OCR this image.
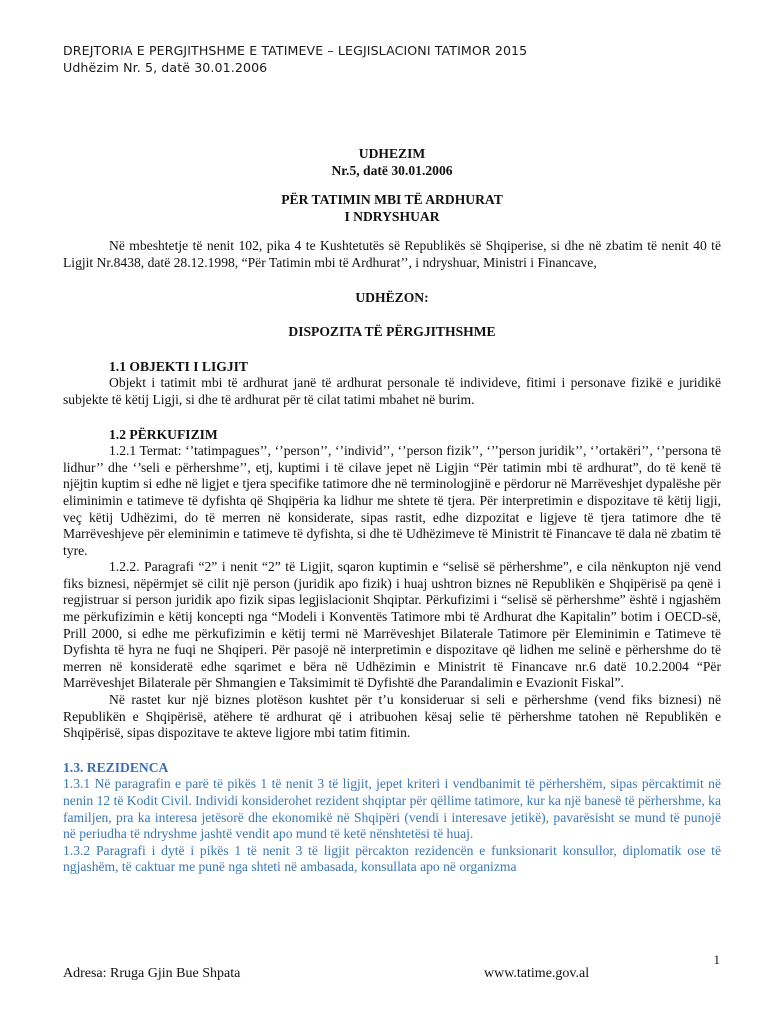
DREJTORIA E PERGJITHSHME E TATIMEVE – LEGJISLACIONI TATIMOR 2015
Udhëzim Nr. 5, datë 30.01.2006
UDHEZIM
Nr.5, datë 30.01.2006
PËR TATIMIN MBI TË ARDHURAT
I NDRYSHUAR

Në mbeshtetje të nenit 102, pika 4 te Kushtetutës së Republikës së Shqiperise, si dhe në zbatim të nenit 40 të Ligjit Nr.8438, datë 28.12.1998, “Për Tatimin mbi të Ardhurat’’, i ndryshuar, Ministri i Financave,

UDHËZON:
DISPOZITA TË PËRGJITHSHME
1.1 OBJEKTI I LIGJIT

Objekt i tatimit mbi të ardhurat janë të ardhurat personale të individeve, fitimi i personave fizikë e juridikë subjekte të këtij Ligji, si dhe të ardhurat për të cilat tatimi mbahet në burim.

1.2 PËRKUFIZIM

1.2.1 Termat: ‘’tatimpagues’’, ‘’person’’, ‘’individ’’, ‘’person fizik’’, ‘’’person juridik’’, ‘’ortakëri’’, ‘’persona të lidhur’’ dhe ‘’seli e përhershme’’, etj, kuptimi i të cilave jepet në Ligjin “Për tatimin mbi të ardhurat”, do të kenë të njëjtin kuptim si edhe në ligjet e tjera specifike tatimore dhe në terminologjinë e përdorur në Marrëveshjet dypalëshe për eliminimin e tatimeve të dyfishta që Shqipëria ka lidhur me shtete të tjera. Për interpretimin e dispozitave të këtij ligji, veç këtij Udhëzimi, do të merren në konsiderate, sipas rastit, edhe dizpozitat e ligjeve të tjera tatimore dhe të Marrëveshjeve për eleminimin e tatimeve të dyfishta, si dhe të Udhëzimeve të Ministrit të Financave të dala në zbatim të tyre.

1.2.2. Paragrafi “2” i nenit “2” të Ligjit, sqaron kuptimin e “selisë së përhershme”, e cila nënkupton një vend fiks biznesi, nëpërmjet së cilit një person (juridik apo fizik) i huaj ushtron biznes në Republikën e Shqipërisë pa qenë i regjistruar si person juridik apo fizik sipas legjislacionit Shqiptar. Përkufizimi i “selisë së përhershme” është i ngjashëm me përkufizimin e këtij koncepti nga “Modeli i Konventës Tatimore mbi të Ardhurat dhe Kapitalin” botim i OECD-së, Prill 2000, si edhe me përkufizimin e këtij termi në Marrëveshjet Bilaterale Tatimore për Eleminimin e Tatimeve të Dyfishta të hyra ne fuqi ne Shqiperi. Për pasojë në interpretimin e dispozitave që lidhen me selinë e përhershme do të merren në konsideratë edhe sqarimet e bëra në Udhëzimin e Ministrit të Financave nr.6 datë 10.2.2004 “Për Marrëveshjet Bilaterale për Shmangien e Taksimimit të Dyfishtë dhe Parandalimin e Evazionit Fiskal”.

Në rastet kur një biznes plotëson kushtet për t’u konsideruar si seli e përhershme (vend fiks biznesi) në Republikën e Shqipërisë, atëhere të ardhurat që i atribuohen kësaj selie të përhershme tatohen në Republikën e Shqipërisë, sipas dispozitave te akteve ligjore mbi tatim fitimin.

1.3. REZIDENCA

1.3.1 Në paragrafin e parë të pikës 1 të nenit 3 të ligjit, jepet kriteri i vendbanimit të përhershëm, sipas përcaktimit në nenin 12 të Kodit Civil. Individi konsiderohet rezident shqiptar për qëllime tatimore, kur ka një banesë të përhershme, ka familjen, pra ka interesa jetësorë dhe ekonomikë në Shqipëri (vendi i interesave jetikë), pavarësisht se mund të punojë në periudha të ndryshme jashtë vendit apo mund të ketë nënshtetësi të huaj.

1.3.2 Paragrafi i dytë i pikës 1 të nenit 3 të ligjit përcakton rezidencën e funksionarit konsullor, diplomatik ose të ngjashëm, të caktuar me punë nga shteti në ambasada, konsullata apo në organizma

1
Adresa: Rruga Gjin Bue Shpata	www.tatime.gov.al
